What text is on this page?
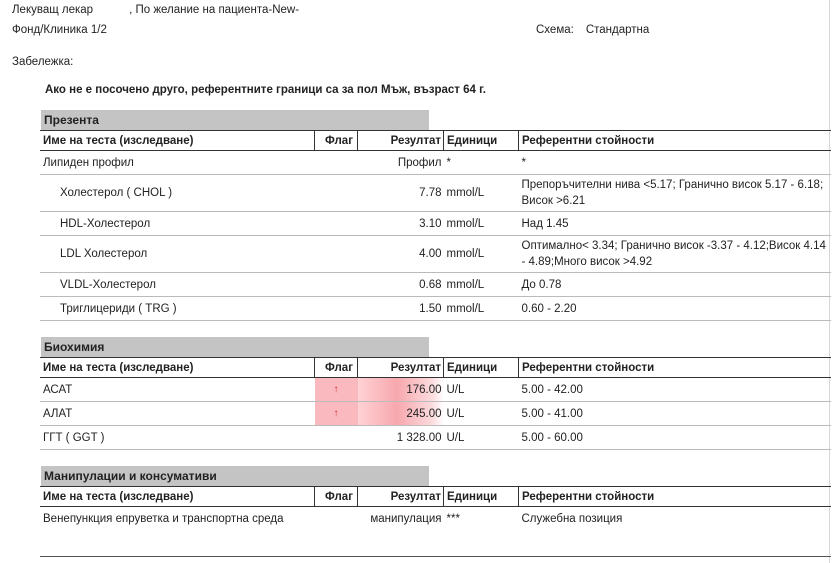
Лекуващ лекар	, По желание на пациента-New-
Фонд/Клиника 1/2	Схема: Стандартна
Забележка:
Ако не е посочено друго, референтните граници са за пол Мъж, възраст 64 г.
Презента
Име на теста (изследване)	Флаг	Резултат	Единици	Референтни стойности
Липиден профил		Профил	*	*
Холестерол ( CHOL )		7.78	mmol/L	Препоръчителни нива <5.17; Гранично висок 5.17 - 6.18; Висок >6.21
HDL-Холестерол		3.10	mmol/L	Над 1.45
LDL Холестерол		4.00	mmol/L	Оптимално< 3.34; Гранично висок -3.37 - 4.12;Висок 4.14 - 4.89;Много висок >4.92
VLDL-Холестерол		0.68	mmol/L	До 0.78
Триглицериди ( TRG )		1.50	mmol/L	0.60 - 2.20
Биохимия
Име на теста (изследване)	Флаг	Резултат	Единици	Референтни стойности
АСАТ	↑	176.00	U/L	5.00 - 42.00
АЛАТ	↑	245.00	U/L	5.00 - 41.00
ГГТ ( GGT )		1 328.00	U/L	5.00 - 60.00
Манипулации и консумативи
Име на теста (изследване)	Флаг	Резултат	Единици	Референтни стойности
Венепункция епруветка и транспортна среда		манипулация	***	Служебна позиция
